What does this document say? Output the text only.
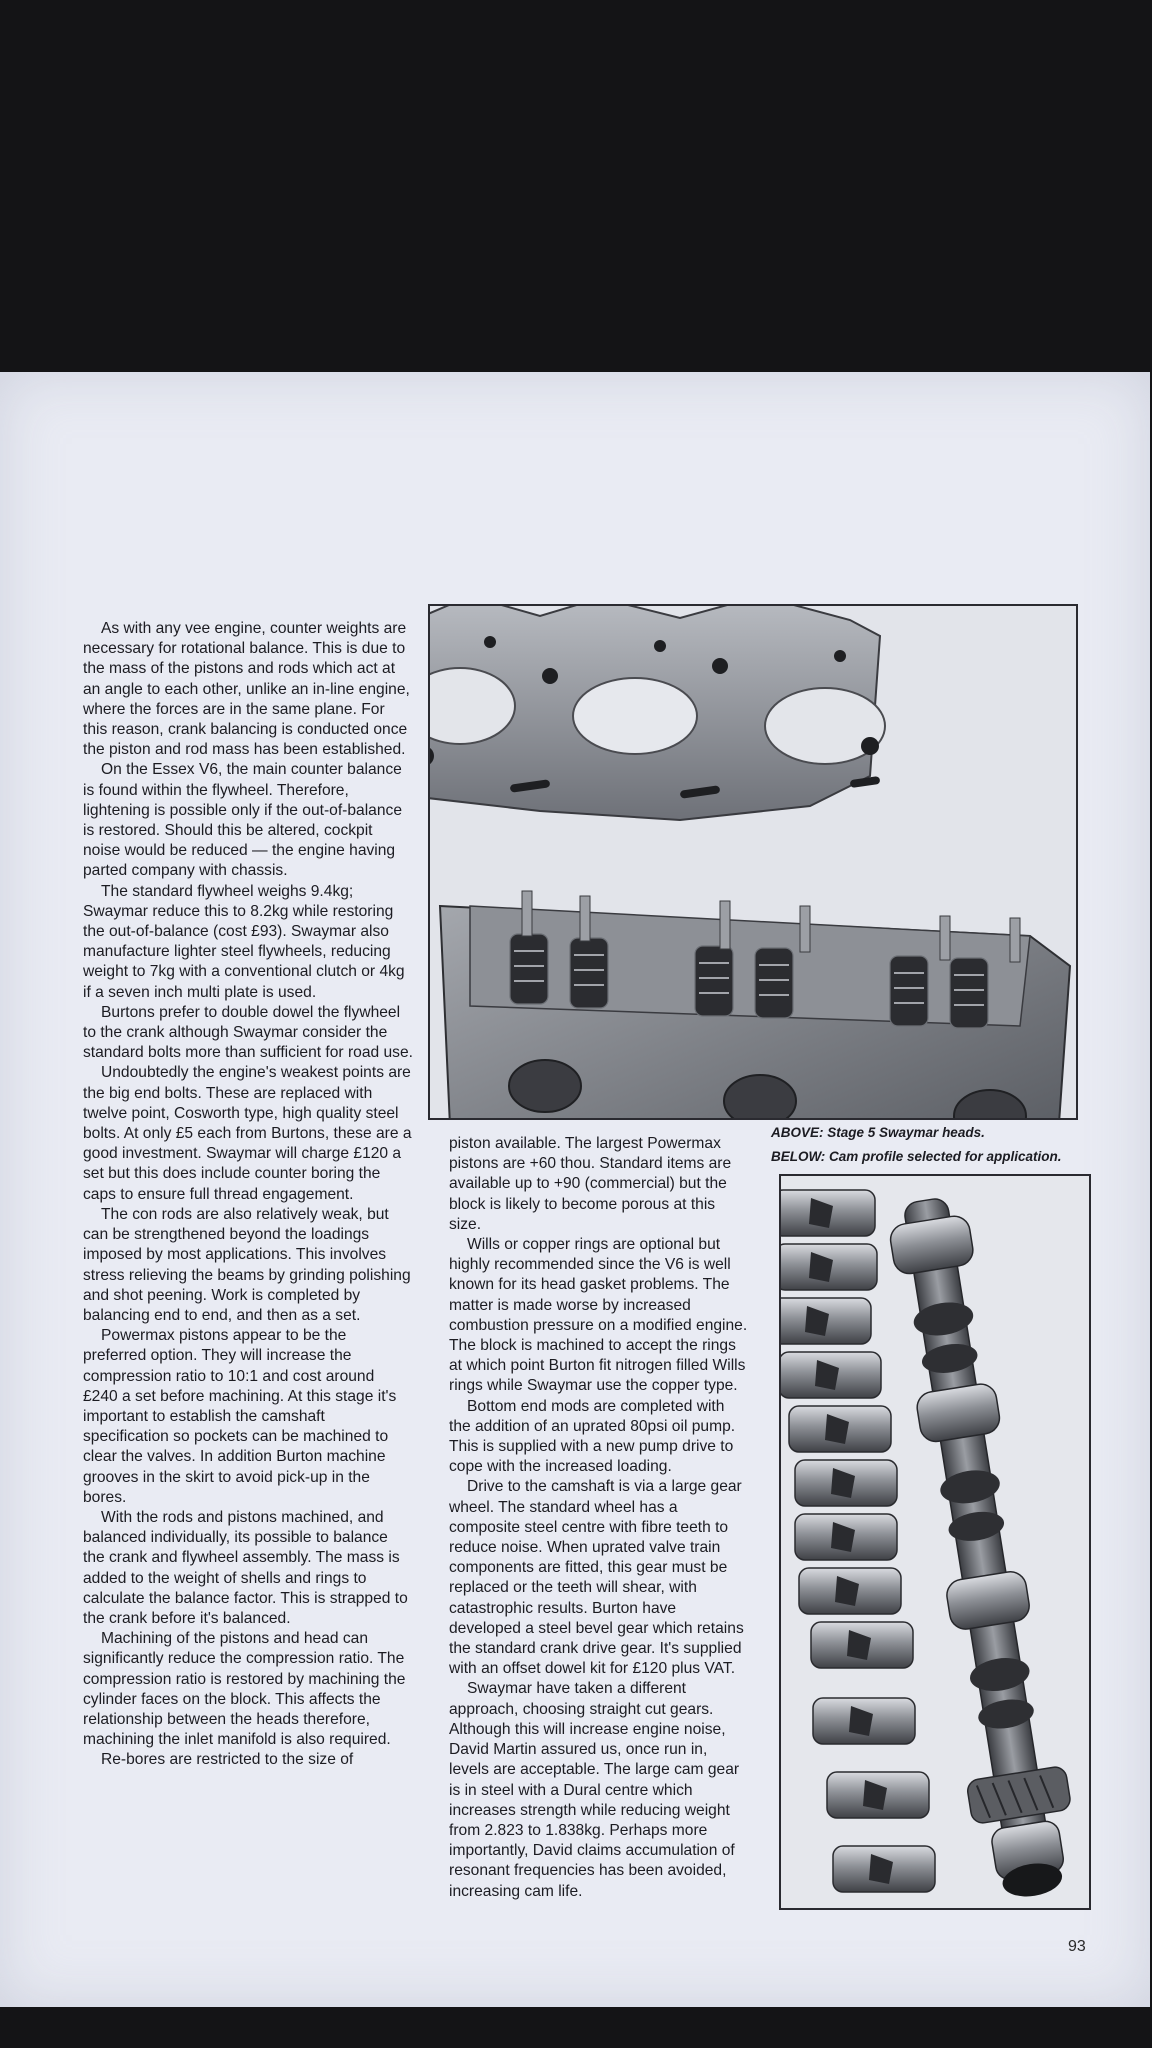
As with any vee engine, counter weights are necessary for rotational balance. This is due to the mass of the pistons and rods which act at an angle to each other, unlike an in-line engine, where the forces are in the same plane. For this reason, crank balancing is conducted once the piston and rod mass has been established.

On the Essex V6, the main counter balance is found within the flywheel. Therefore, lightening is possible only if the out-of-balance is restored. Should this be altered, cockpit noise would be reduced — the engine having parted company with chassis.

The standard flywheel weighs 9.4kg; Swaymar reduce this to 8.2kg while restoring the out-of-balance (cost £93). Swaymar also manufacture lighter steel flywheels, reducing weight to 7kg with a conventional clutch or 4kg if a seven inch multi plate is used.

Burtons prefer to double dowel the flywheel to the crank although Swaymar consider the standard bolts more than sufficient for road use.

Undoubtedly the engine's weakest points are the big end bolts. These are replaced with twelve point, Cosworth type, high quality steel bolts. At only £5 each from Burtons, these are a good investment. Swaymar will charge £120 a set but this does include counter boring the caps to ensure full thread engagement.

The con rods are also relatively weak, but can be strengthened beyond the loadings imposed by most applications. This involves stress relieving the beams by grinding polishing and shot peening. Work is completed by balancing end to end, and then as a set.

Powermax pistons appear to be the preferred option. They will increase the compression ratio to 10:1 and cost around £240 a set before machining. At this stage it's important to establish the camshaft specification so pockets can be machined to clear the valves. In addition Burton machine grooves in the skirt to avoid pick-up in the bores.

With the rods and pistons machined, and balanced individually, its possible to balance the crank and flywheel assembly. The mass is added to the weight of shells and rings to calculate the balance factor. This is strapped to the crank before it's balanced.

Machining of the pistons and head can significantly reduce the compression ratio. The compression ratio is restored by machining the cylinder faces on the block. This affects the relationship between the heads therefore, machining the inlet manifold is also required.

Re-bores are restricted to the size of

piston available. The largest Powermax pistons are +60 thou. Standard items are available up to +90 (commercial) but the block is likely to become porous at this size.

Wills or copper rings are optional but highly recommended since the V6 is well known for its head gasket problems. The matter is made worse by increased combustion pressure on a modified engine. The block is machined to accept the rings at which point Burton fit nitrogen filled Wills rings while Swaymar use the copper type.

Bottom end mods are completed with the addition of an uprated 80psi oil pump. This is supplied with a new pump drive to cope with the increased loading.

Drive to the camshaft is via a large gear wheel. The standard wheel has a composite steel centre with fibre teeth to reduce noise. When uprated valve train components are fitted, this gear must be replaced or the teeth will shear, with catastrophic results. Burton have developed a steel bevel gear which retains the standard crank drive gear. It's supplied with an offset dowel kit for £120 plus VAT.

Swaymar have taken a different approach, choosing straight cut gears. Although this will increase engine noise, David Martin assured us, once run in, levels are acceptable. The large cam gear is in steel with a Dural centre which increases strength while reducing weight from 2.823 to 1.838kg. Perhaps more importantly, David claims accumulation of resonant frequencies has been avoided, increasing cam life.

ABOVE: Stage 5 Swaymar heads.
BELOW: Cam profile selected for application.
93
